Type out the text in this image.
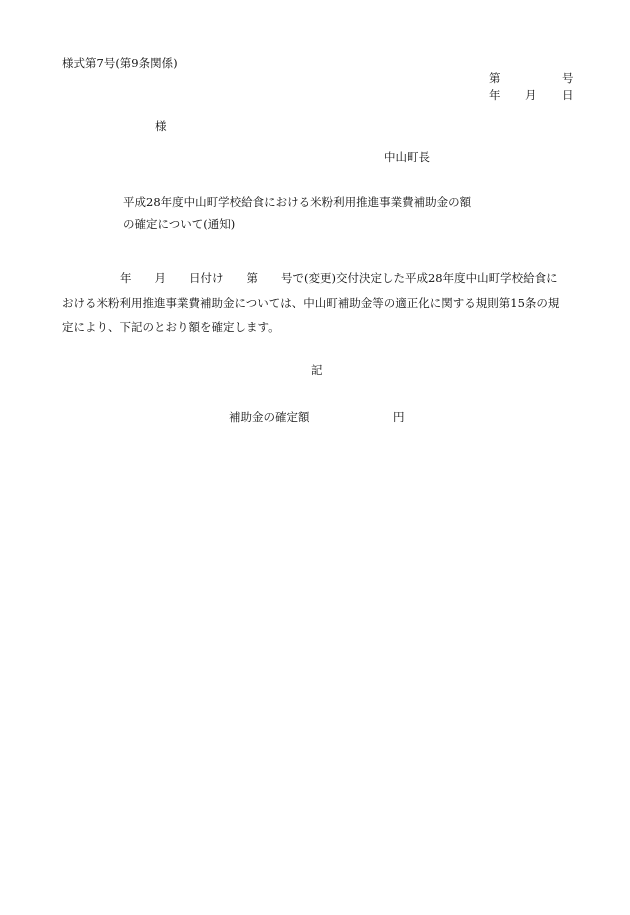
様式第7号(第9条関係)
第	号
年 月 日
様
中山町長
平成28年度中山町学校給食における米粉利用推進事業費補助金の額
の確定について(通知)
年 月 日付け 第 号で(変更)交付決定した平成28年度中山町学校給食に
おける米粉利用推進事業費補助金については、中山町補助金等の適正化に関する規則第15条の規
定により、下記のとおり額を確定します。
記
補助金の確定額	円
